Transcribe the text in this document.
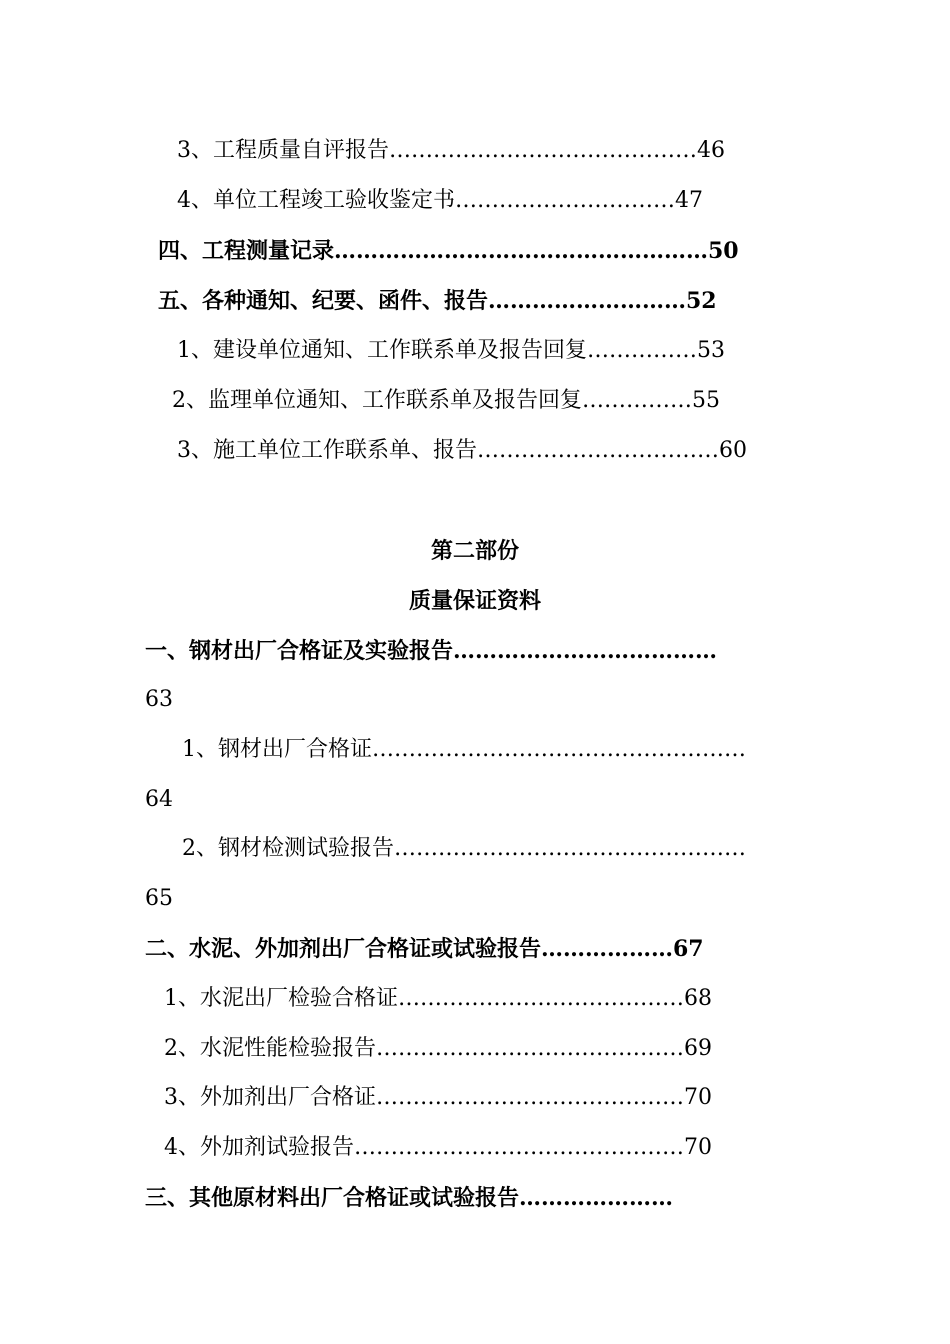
3、工程质量自评报告……………………………………46
4、单位工程竣工验收鉴定书…………………………47
四、工程测量记录……………………………………………50
五、各种通知、纪要、函件、报告………………………52
1、建设单位通知、工作联系单及报告回复……………53
2、监理单位通知、工作联系单及报告回复……………55
3、施工单位工作联系单、报告……………………………60
第二部份
质量保证资料
一、钢材出厂合格证及实验报告………………………………
63
1、钢材出厂合格证……………………………………………
64
2、钢材检测试验报告…………………………………………
65
二、水泥、外加剂出厂合格证或试验报告………………67
1、水泥出厂检验合格证…………………………………68
2、水泥性能检验报告……………………………………69
3、外加剂出厂合格证……………………………………70
4、外加剂试验报告………………………………………70
三、其他原材料出厂合格证或试验报告…………………
